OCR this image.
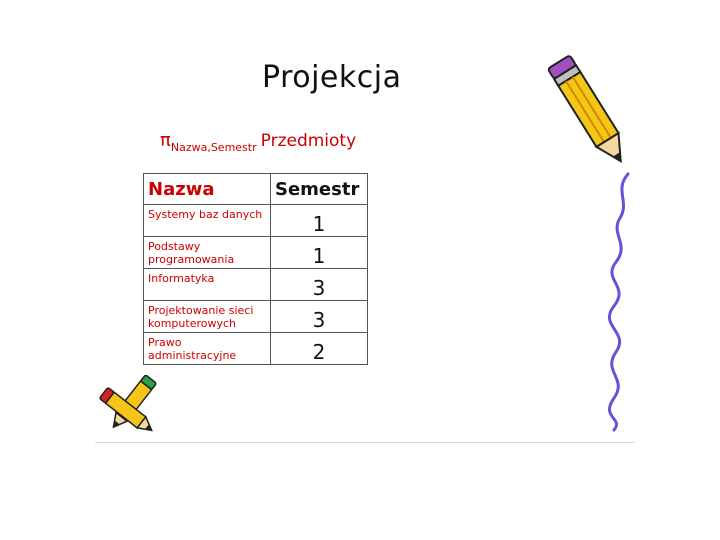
Projekcja
$\pi_{Nazwa,Semestr}$ Przedmioty
Nazwa	Semestr
Systemy baz danych	1
Podstawy programowania	1
Informatyka	3
Projektowanie sieci komputerowych	3
Prawo administracyjne	2
